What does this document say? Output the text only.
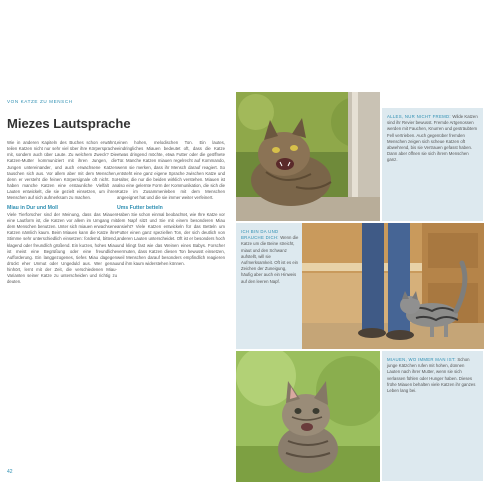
VON KATZE ZU MENSCH
Miezes Lautsprache
Wie in anderen Kapiteln des Buches schon erwähnt, teilen Katzen nicht nur sehr viel über ihre Körpersprache mit, sondern auch über Laute. Zu welchem Zweck? Die Katzen-Mutter kommuniziert mit ihren Jungen, die Jungen untereinander, und auch erwachsene Katzen tauschen sich aus. Vor allem aber mit dem Menschen, denn er versteht die feinen Körpersignale oft nicht. So haben manche Katzen eine erstaunliche Vielfalt an Lauten entwickelt, die sie gezielt einsetzen, um ihren Menschen auf sich aufmerksam zu machen.
Miau in Dur und Moll
Viele Tierforscher sind der Meinung, dass das Miauen eine Lautform ist, die Katzen vor allem im Umgang mit dem Menschen benutzen. Unter sich miauen erwachsene Katzen nämlich kaum. Beim Miauen kann die Katze ihre Stimme sehr unterschiedlich einsetzen: fordernd, bittend, klagend oder freundlich grüßend. Ein kurzes, hohes Miau ist meist eine Begrüßung oder eine freundliche Aufforderung. Ein langgezogenes, tiefes Miau dagegen drückt eher Unmut oder Ungeduld aus. Wer genau hinhört, lernt mit der Zeit, die verschiedenen Miau-Varianten seiner Katze zu unterscheiden und richtig zu deuten.
einen hohen, melodischen Ton. Ein lautes, eindringliches Miauen bedeutet oft, dass die Katze etwas dringend möchte, etwa Futter oder die geöffnete Tür. Manche Katzen miauen regelrecht auf Kommando, wenn sie merken, dass ihr Mensch darauf reagiert. So entsteht eine ganz eigene Sprache zwischen Katze und Halter, die nur die beiden wirklich verstehen. Miauen ist also eine gelernte Form der Kommunikation, die sich die Katze im Zusammenleben mit dem Menschen angeeignet hat und die sie immer weiter verfeinert.
Ums Futter betteln
Haben Sie schon einmal beobachtet, wie Ihre Katze vor dem Napf sitzt und Sie mit einem besonderen Miau ansieht? Viele Katzen entwickeln für das Betteln um Futter einen ganz speziellen Ton, der sich deutlich von anderen Lauten unterscheidet. Oft ist er besonders hoch und klingt fast wie das Weinen eines Babys. Forscher vermuten, dass Katzen diesen Ton bewusst einsetzen, weil Menschen darauf besonders empfindlich reagieren und ihm kaum widerstehen können.
42
ALLES, NUR NICHT FREMD: Wilde Katzen sind ihr Revier bewusst. Fremde Artgenossen werden mit Fauchen, Knurren und gesträubtem Fell vertrieben. Auch gegenüber fremden Menschen zeigen sich scheue Katzen oft abwehrend, bis sie Vertrauen gefasst haben. Dann aber öffnen sie sich ihrem Menschen ganz.
ICH BIN DA UND BRAUCHE DICH: Wenn die Katze um die Beine streicht, miaut und den Schwanz aufstellt, will sie Aufmerksamkeit. Oft ist es ein Zeichen der Zuneigung, häufig aber auch ein Hinweis auf den leeren Napf.
MIAUEN, WO IMMER MAN IST: Schon junge Kätzchen rufen mit hohen, dünnen Lauten nach ihrer Mutter, wenn sie sich verlassen fühlen oder Hunger haben. Dieses frühe Miauen behalten viele Katzen ihr ganzes Leben lang bei.
